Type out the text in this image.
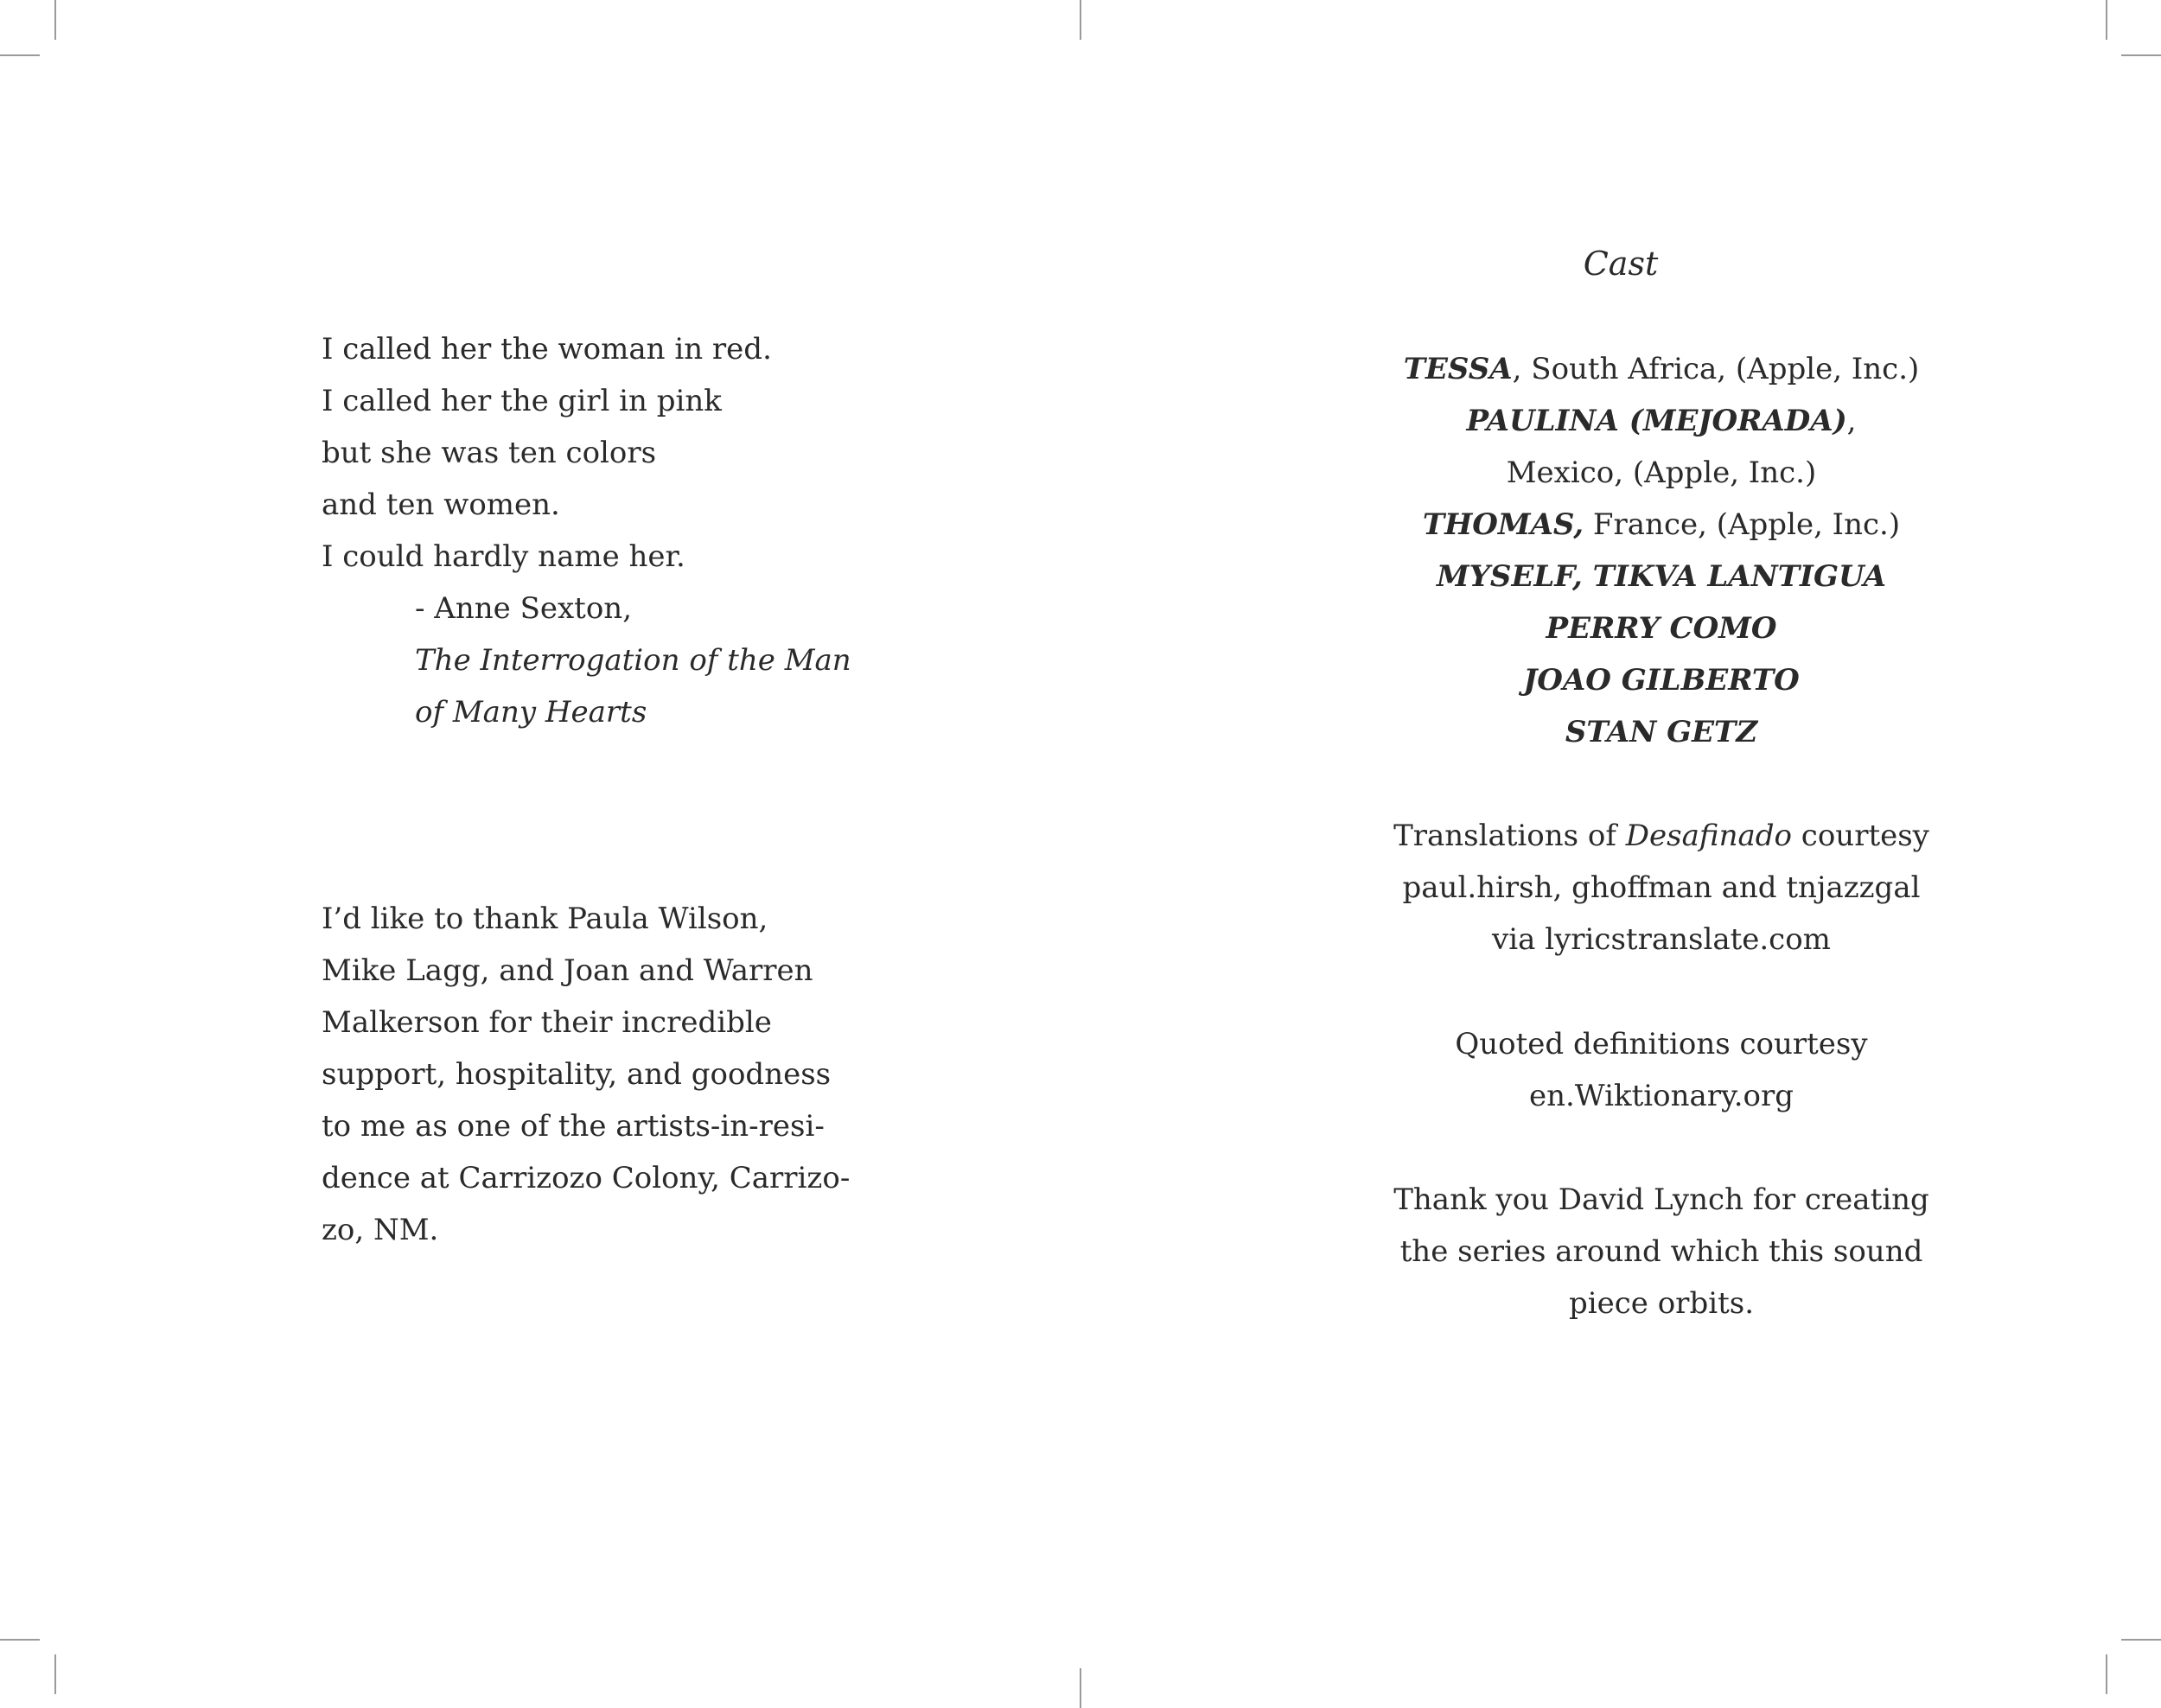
I called her the woman in red.
I called her the girl in pink
but she was ten colors
and ten women.
I could hardly name her.
- Anne Sexton,
The Interrogation of the Man
of Many Hearts
I’d like to thank Paula Wilson,
Mike Lagg, and Joan and Warren
Malkerson for their incredible
support, hospitality, and goodness
to me as one of the artists-in-resi-
dence at Carrizozo Colony, Carrizo-
zo, NM.
Cast
TESSA, South Africa, (Apple, Inc.)
PAULINA (MEJORADA),
Mexico, (Apple, Inc.)
THOMAS, France, (Apple, Inc.)
MYSELF, TIKVA LANTIGUA
PERRY COMO
JOAO GILBERTO
STAN GETZ
Translations of Desafinado courtesy
paul.hirsh, ghoffman and tnjazzgal
via lyricstranslate.com
Quoted definitions courtesy
en.Wiktionary.org
Thank you David Lynch for creating
the series around which this sound
piece orbits.
